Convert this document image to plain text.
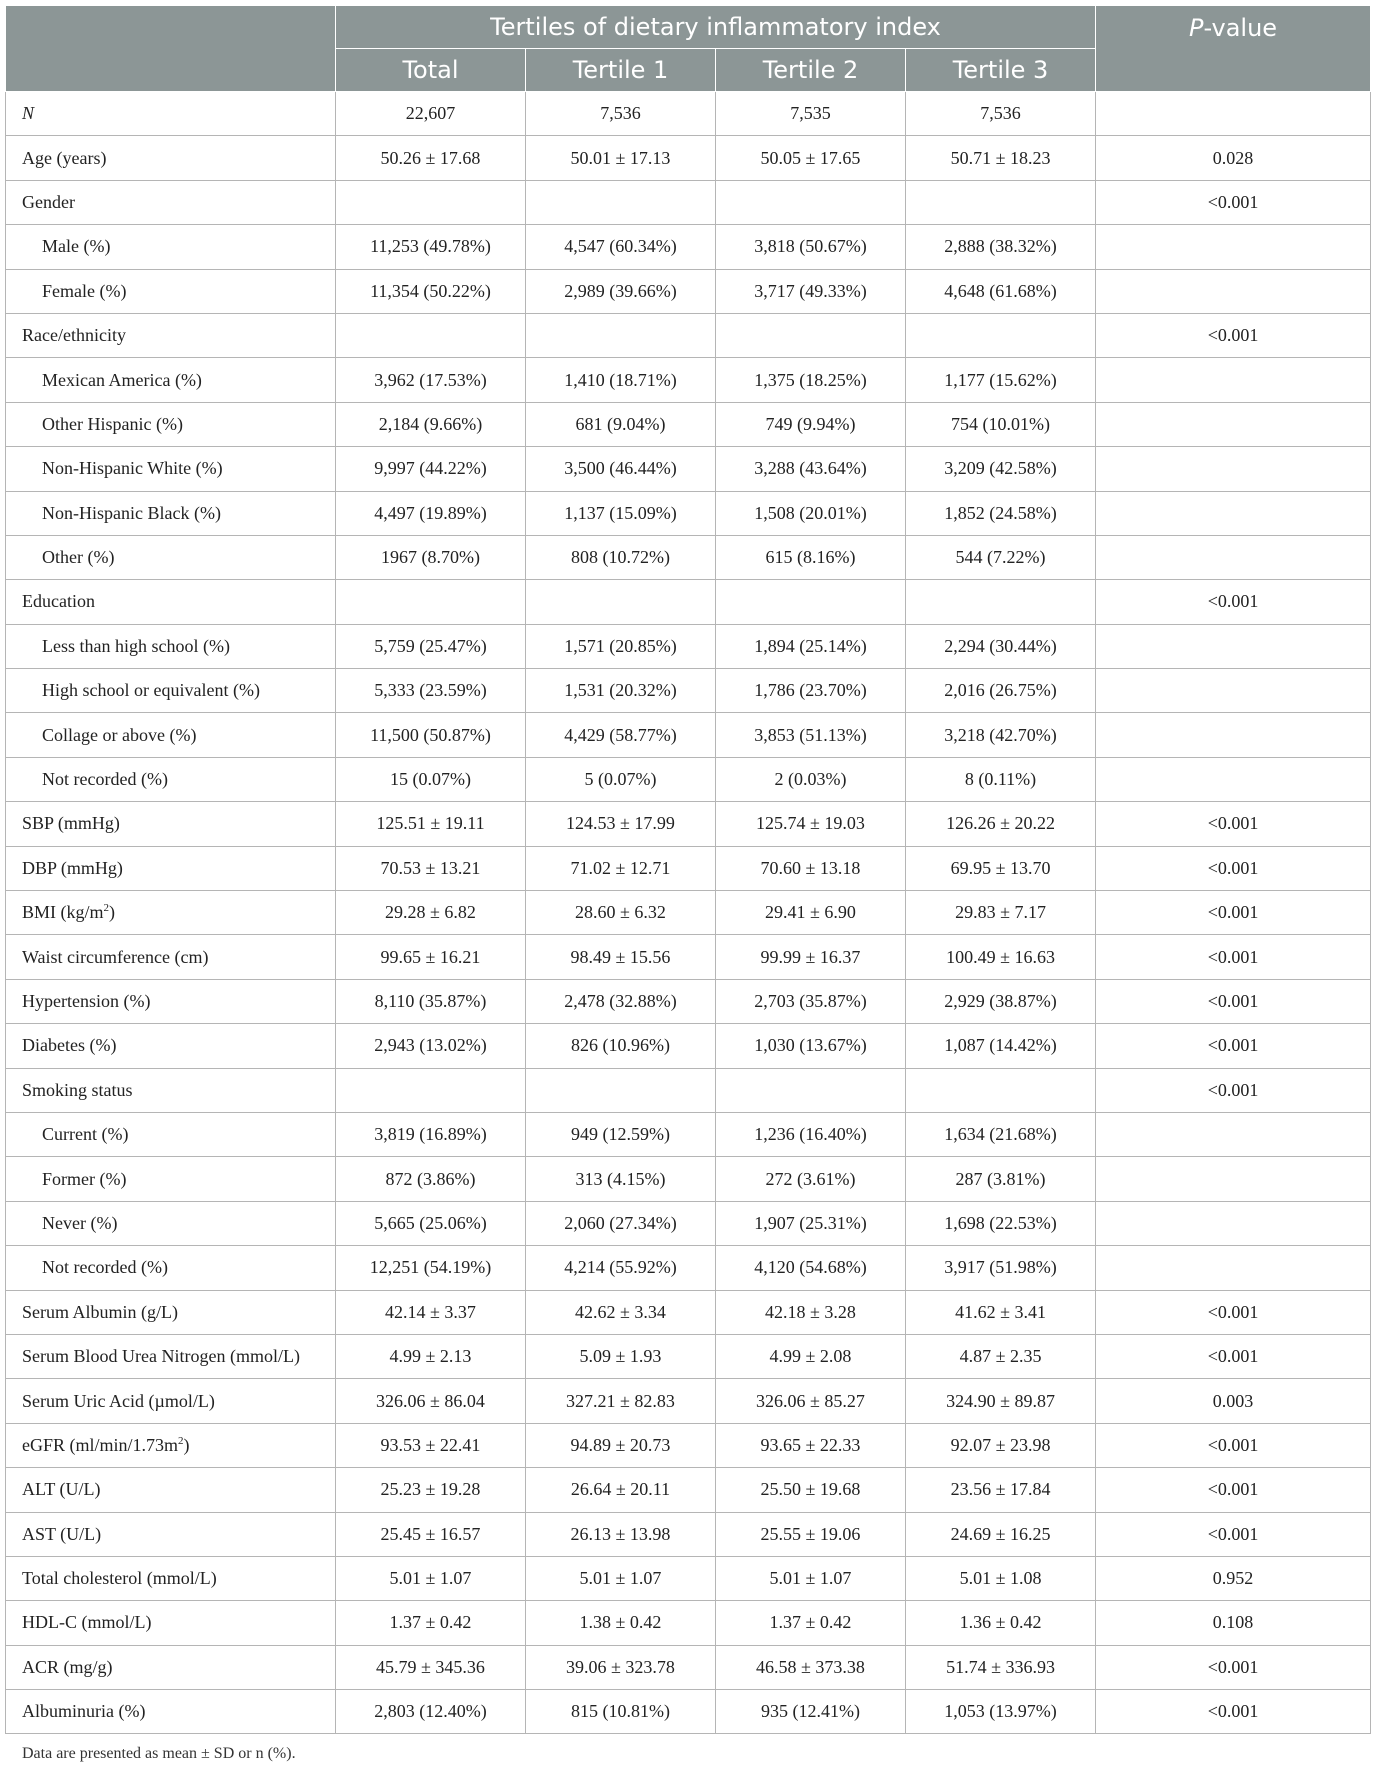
	Tertiles of dietary inflammatory index				P-value
	Total	Tertile 1	Tertile 2	Tertile 3	
N	22,607	7,536	7,535	7,536	
Age (years)	50.26 ± 17.68	50.01 ± 17.13	50.05 ± 17.65	50.71 ± 18.23	0.028
Gender					<0.001
Male (%)	11,253 (49.78%)	4,547 (60.34%)	3,818 (50.67%)	2,888 (38.32%)	
Female (%)	11,354 (50.22%)	2,989 (39.66%)	3,717 (49.33%)	4,648 (61.68%)	
Race/ethnicity					<0.001
Mexican America (%)	3,962 (17.53%)	1,410 (18.71%)	1,375 (18.25%)	1,177 (15.62%)	
Other Hispanic (%)	2,184 (9.66%)	681 (9.04%)	749 (9.94%)	754 (10.01%)	
Non-Hispanic White (%)	9,997 (44.22%)	3,500 (46.44%)	3,288 (43.64%)	3,209 (42.58%)	
Non-Hispanic Black (%)	4,497 (19.89%)	1,137 (15.09%)	1,508 (20.01%)	1,852 (24.58%)	
Other (%)	1967 (8.70%)	808 (10.72%)	615 (8.16%)	544 (7.22%)	
Education					<0.001
Less than high school (%)	5,759 (25.47%)	1,571 (20.85%)	1,894 (25.14%)	2,294 (30.44%)	
High school or equivalent (%)	5,333 (23.59%)	1,531 (20.32%)	1,786 (23.70%)	2,016 (26.75%)	
Collage or above (%)	11,500 (50.87%)	4,429 (58.77%)	3,853 (51.13%)	3,218 (42.70%)	
Not recorded (%)	15 (0.07%)	5 (0.07%)	2 (0.03%)	8 (0.11%)	
SBP (mmHg)	125.51 ± 19.11	124.53 ± 17.99	125.74 ± 19.03	126.26 ± 20.22	<0.001
DBP (mmHg)	70.53 ± 13.21	71.02 ± 12.71	70.60 ± 13.18	69.95 ± 13.70	<0.001
BMI $(kg/m^2)$	29.28 ± 6.82	28.60 ± 6.32	29.41 ± 6.90	29.83 ± 7.17	<0.001
Waist circumference (cm)	99.65 ± 16.21	98.49 ± 15.56	99.99 ± 16.37	100.49 ± 16.63	<0.001
Hypertension (%)	8,110 (35.87%)	2,478 (32.88%)	2,703 (35.87%)	2,929 (38.87%)	<0.001
Diabetes (%)	2,943 (13.02%)	826 (10.96%)	1,030 (13.67%)	1,087 (14.42%)	<0.001
Smoking status					<0.001
Current (%)	3,819 (16.89%)	949 (12.59%)	1,236 (16.40%)	1,634 (21.68%)	
Former (%)	872 (3.86%)	313 (4.15%)	272 (3.61%)	287 (3.81%)	
Never (%)	5,665 (25.06%)	2,060 (27.34%)	1,907 (25.31%)	1,698 (22.53%)	
Not recorded (%)	12,251 (54.19%)	4,214 (55.92%)	4,120 (54.68%)	3,917 (51.98%)	
Serum Albumin (g/L)	42.14 ± 3.37	42.62 ± 3.34	42.18 ± 3.28	41.62 ± 3.41	<0.001
Serum Blood Urea Nitrogen (mmol/L)	4.99 ± 2.13	5.09 ± 1.93	4.99 ± 2.08	4.87 ± 2.35	<0.001
Serum Uric Acid (µmol/L)	326.06 ± 86.04	327.21 ± 82.83	326.06 ± 85.27	324.90 ± 89.87	0.003
eGFR $(ml/\min/1.73m^2)$	93.53 ± 22.41	94.89 ± 20.73	93.65 ± 22.33	92.07 ± 23.98	<0.001
ALT (U/L)	25.23 ± 19.28	26.64 ± 20.11	25.50 ± 19.68	23.56 ± 17.84	<0.001
AST (U/L)	25.45 ± 16.57	26.13 ± 13.98	25.55 ± 19.06	24.69 ± 16.25	<0.001
Total cholesterol (mmol/L)	5.01 ± 1.07	5.01 ± 1.07	5.01 ± 1.07	5.01 ± 1.08	0.952
HDL-C (mmol/L)	1.37 ± 0.42	1.38 ± 0.42	1.37 ± 0.42	1.36 ± 0.42	0.108
ACR (mg/g)	45.79 ± 345.36	39.06 ± 323.78	46.58 ± 373.38	51.74 ± 336.93	<0.001
Albuminuria (%)	2,803 (12.40%)	815 (10.81%)	935 (12.41%)	1,053 (13.97%)	<0.001
Data are presented as mean ± SD or n (%).
